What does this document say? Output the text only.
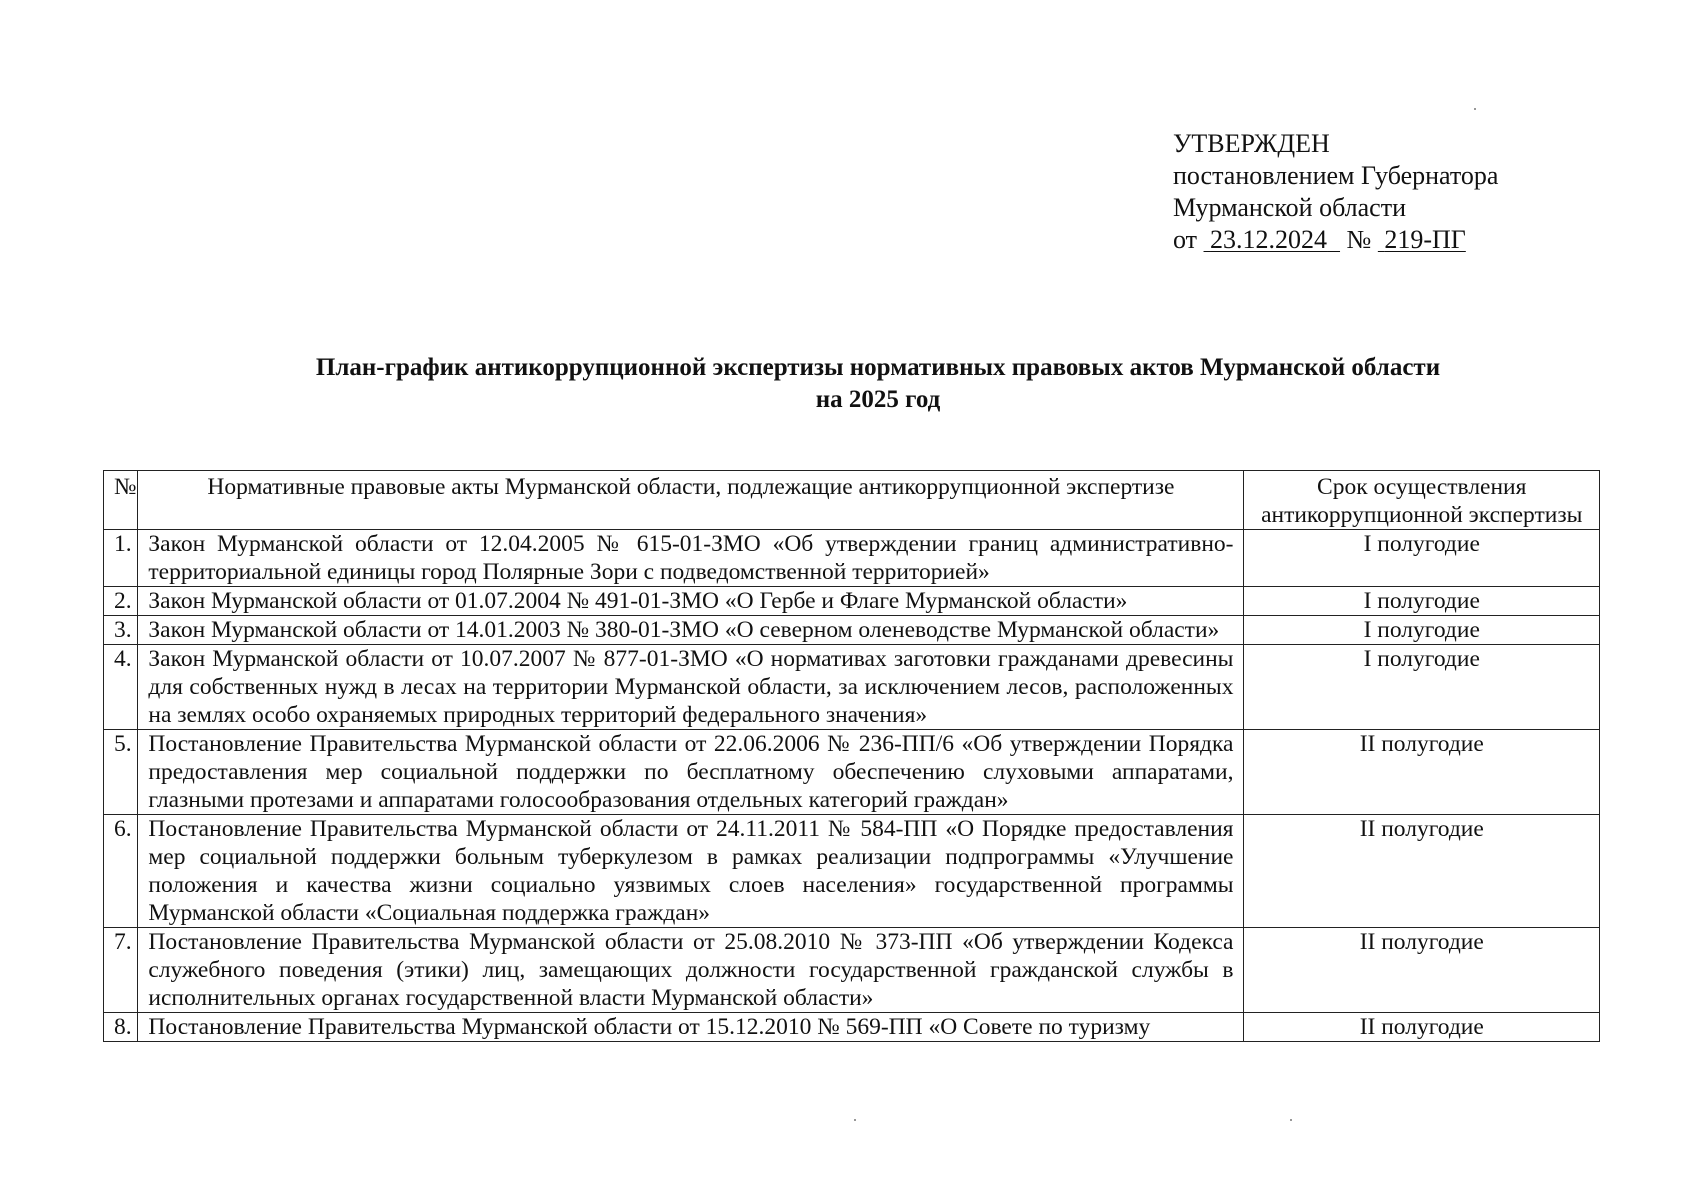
УТВЕРЖДЕН
постановлением Губернатора
Мурманской области
от 23.12.2024 № 219-ПГ
План-график антикоррупционной экспертизы нормативных правовых актов Мурманской области
на 2025 год
№	Нормативные правовые акты Мурманской области, подлежащие антикоррупционной экспертизе	Срок осуществления антикоррупционной экспертизы
1.	Закон Мурманской области от 12.04.2005 № 615-01-ЗМО «Об утверждении границ административно-территориальной единицы город Полярные Зори с подведомственной территорией»	I полугодие
2.	Закон Мурманской области от 01.07.2004 № 491-01-ЗМО «О Гербе и Флаге Мурманской области»	I полугодие
3.	Закон Мурманской области от 14.01.2003 № 380-01-ЗМО «О северном оленеводстве Мурманской области»	I полугодие
4.	Закон Мурманской области от 10.07.2007 № 877-01-ЗМО «О нормативах заготовки гражданами древесины для собственных нужд в лесах на территории Мурманской области, за исключением лесов, расположенных на землях особо охраняемых природных территорий федерального значения»	I полугодие
5.	Постановление Правительства Мурманской области от 22.06.2006 № 236-ПП/6 «Об утверждении Порядка предоставления мер социальной поддержки по бесплатному обеспечению слуховыми аппаратами, глазными протезами и аппаратами голосообразования отдельных категорий граждан»	II полугодие
6.	Постановление Правительства Мурманской области от 24.11.2011 № 584-ПП «О Порядке предоставления мер социальной поддержки больным туберкулезом в рамках реализации подпрограммы «Улучшение положения и качества жизни социально уязвимых слоев населения» государственной программы Мурманской области «Социальная поддержка граждан»	II полугодие
7.	Постановление Правительства Мурманской области от 25.08.2010 № 373-ПП «Об утверждении Кодекса служебного поведения (этики) лиц, замещающих должности государственной гражданской службы в исполнительных органах государственной власти Мурманской области»	II полугодие
8.	Постановление Правительства Мурманской области от 15.12.2010 № 569-ПП «О Совете по туризму	II полугодие
